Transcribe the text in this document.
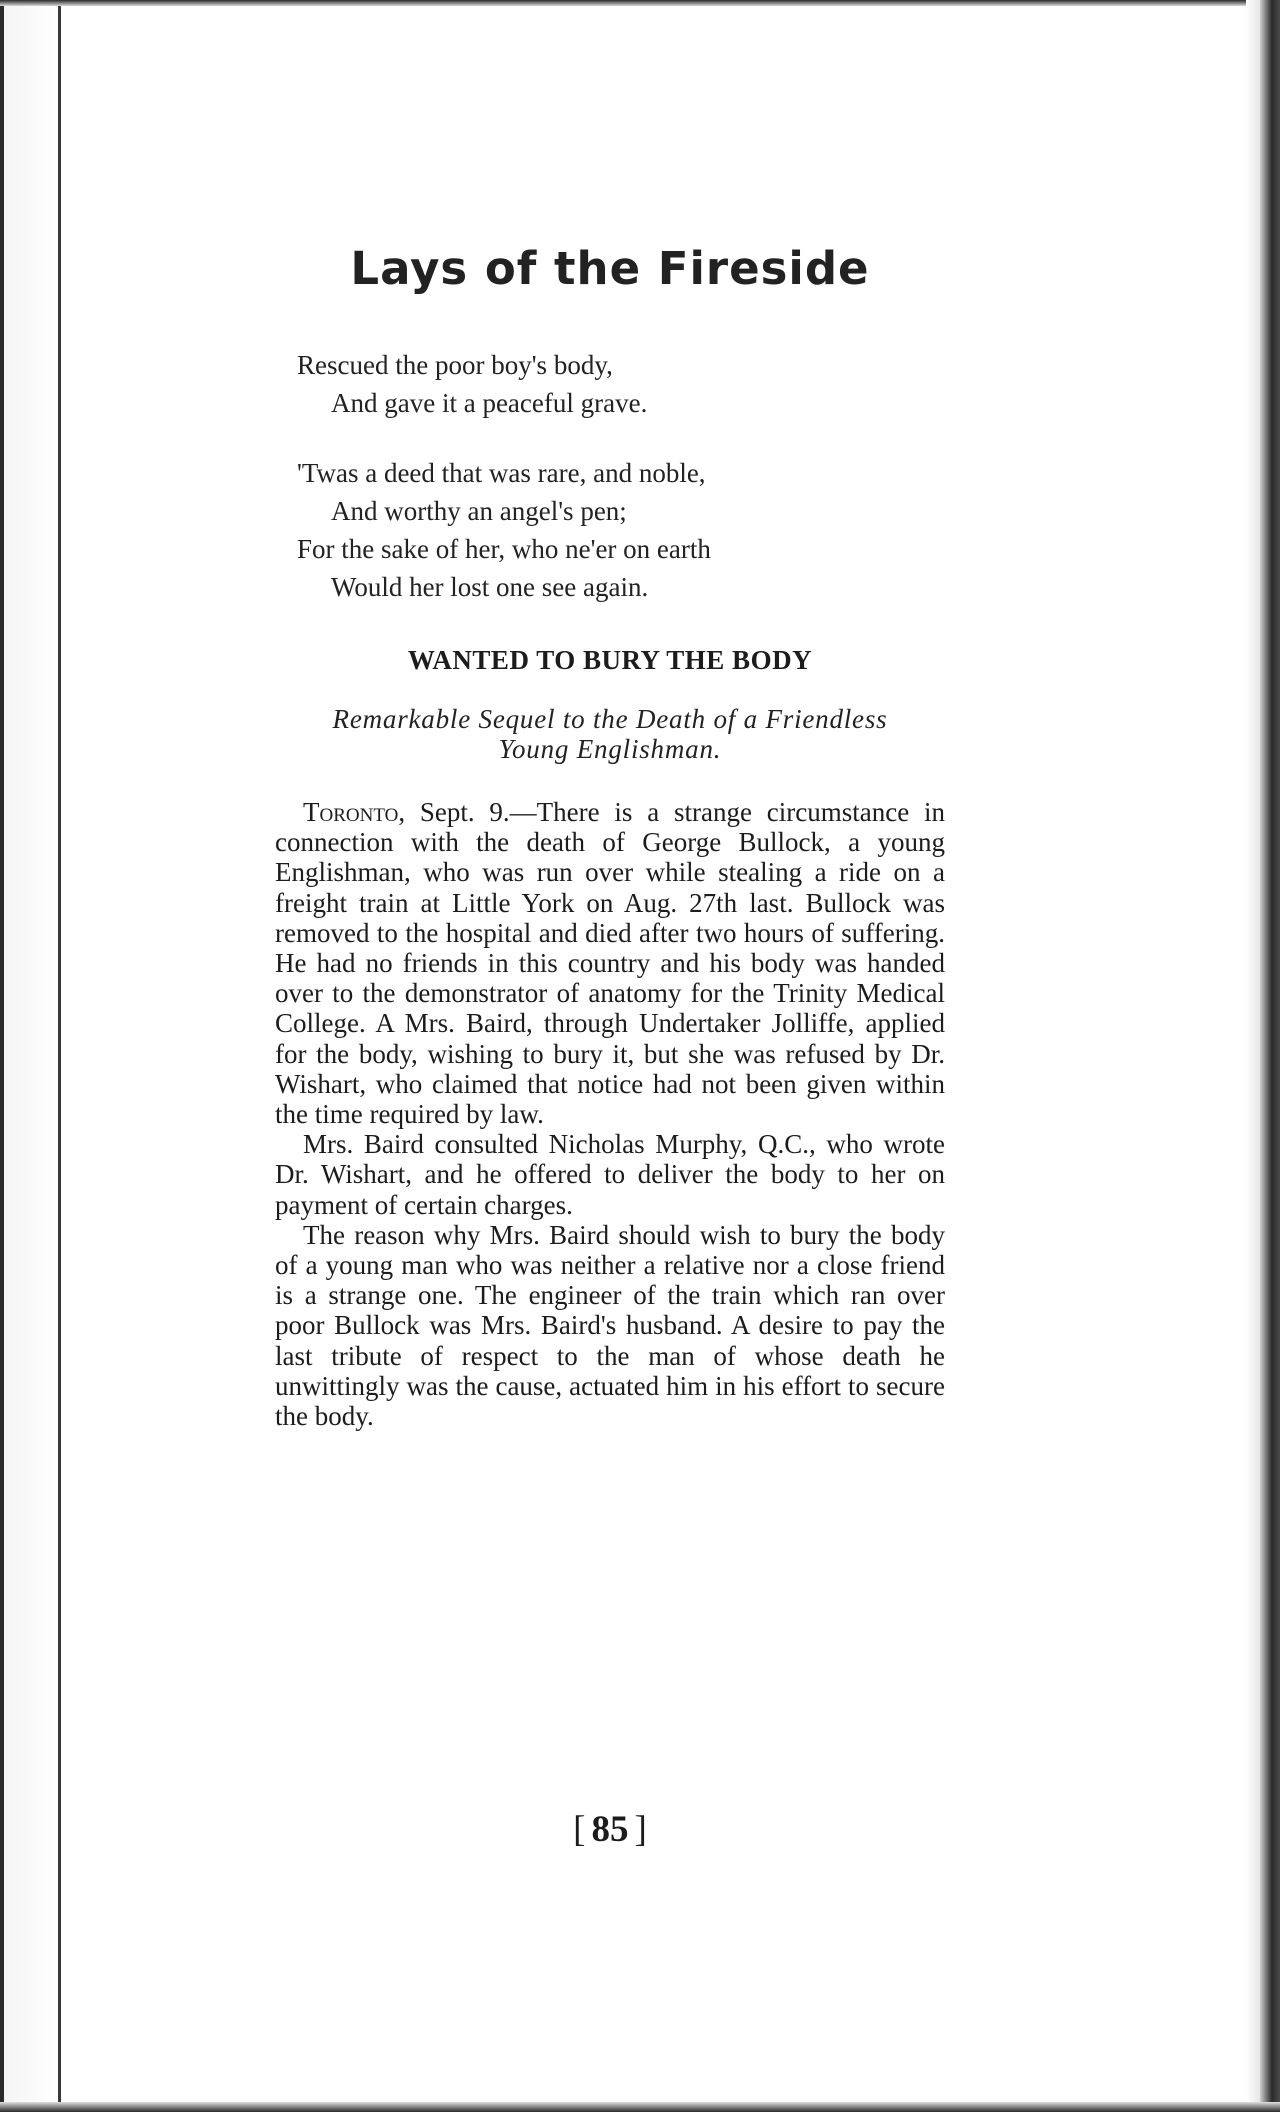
Lays of the Fireside
Rescued the poor boy's body,
And gave it a peaceful grave.
'Twas a deed that was rare, and noble,
And worthy an angel's pen;
For the sake of her, who ne'er on earth
Would her lost one see again.
WANTED TO BURY THE BODY
Remarkable Sequel to the Death of a Friendless
Young Englishman.

Toronto, Sept. 9.—There is a strange circumstance in connection with the death of George Bullock, a young Englishman, who was run over while stealing a ride on a freight train at Little York on Aug. 27th last. Bullock was removed to the hospital and died after two hours of suffering. He had no friends in this country and his body was handed over to the demonstrator of anatomy for the Trinity Medical College. A Mrs. Baird, through Undertaker Jolliffe, applied for the body, wishing to bury it, but she was refused by Dr. Wishart, who claimed that notice had not been given within the time required by law.

Mrs. Baird consulted Nicholas Murphy, Q.C., who wrote Dr. Wishart, and he offered to deliver the body to her on payment of certain charges.

The reason why Mrs. Baird should wish to bury the body of a young man who was neither a relative nor a close friend is a strange one. The engineer of the train which ran over poor Bullock was Mrs. Baird's husband. A desire to pay the last tribute of respect to the man of whose death he unwittingly was the cause, actuated him in his effort to secure the body.

[ 85 ]
